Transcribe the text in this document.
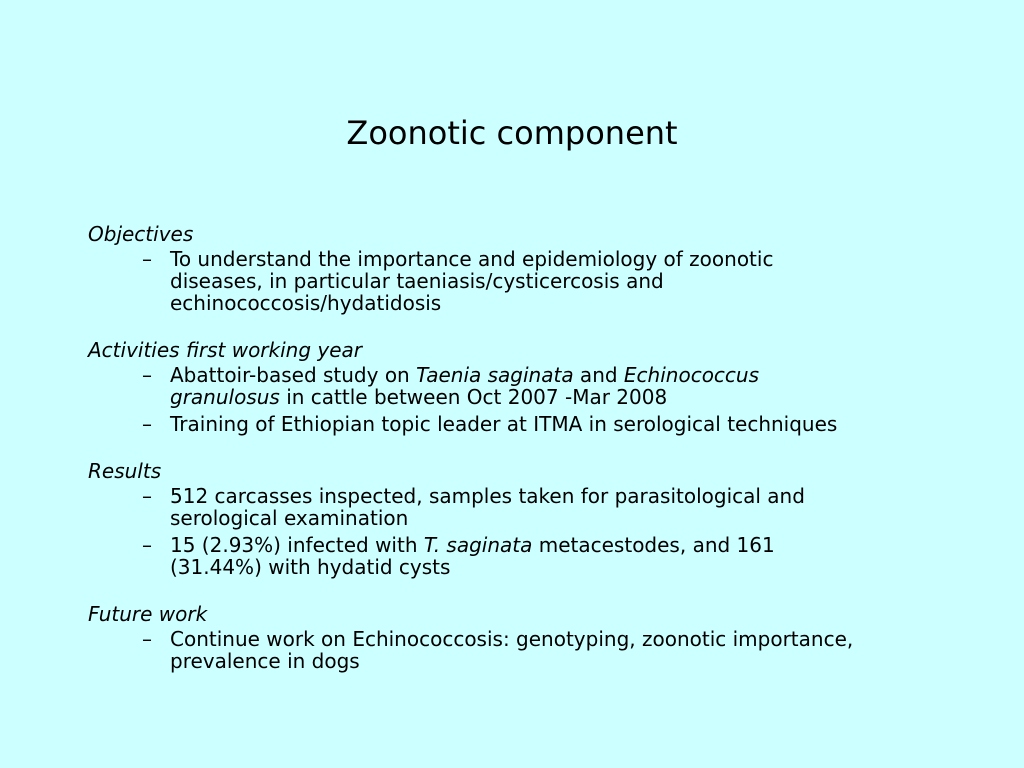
Zoonotic component
Objectives
– To understand the importance and epidemiology of zoonotic diseases, in particular taeniasis/cysticercosis and echinococcosis/hydatidosis
Activities first working year
– Abattoir-based study on Taenia saginata and Echinococcus granulosus in cattle between Oct 2007 -Mar 2008
– Training of Ethiopian topic leader at ITMA in serological techniques
Results
– 512 carcasses inspected, samples taken for parasitological and serological examination
– 15 (2.93%) infected with T. saginata metacestodes, and 161 (31.44%) with hydatid cysts
Future work
– Continue work on Echinococcosis: genotyping, zoonotic importance, prevalence in dogs
